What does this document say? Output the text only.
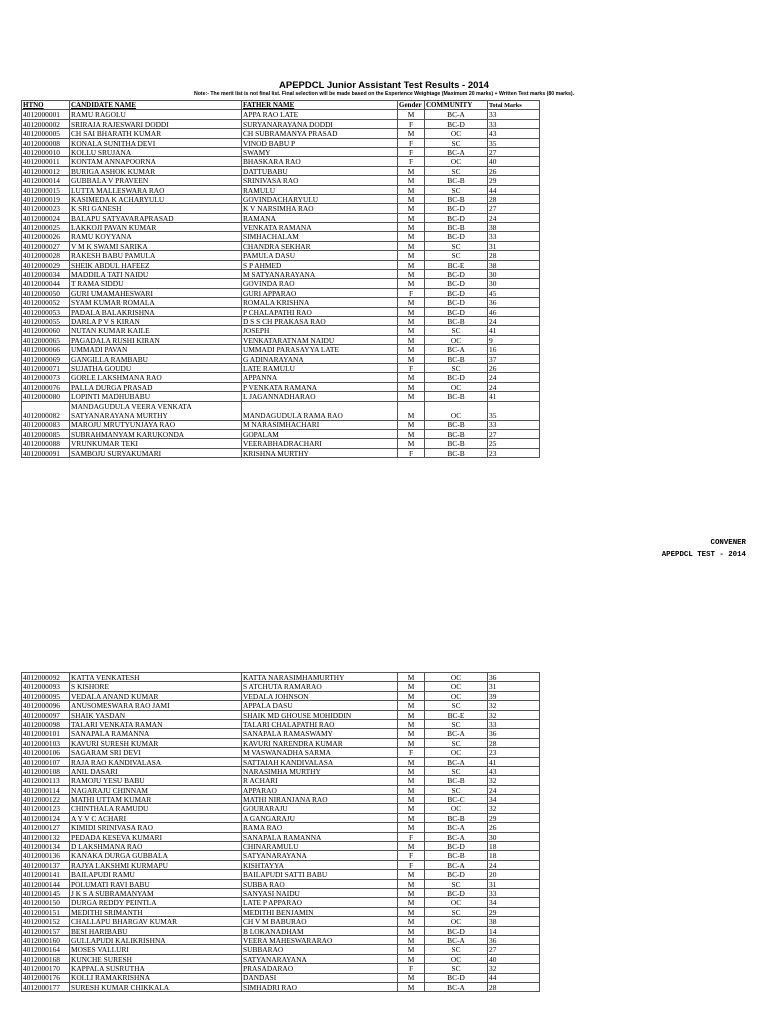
APEPDCL Junior Assistant Test Results - 2014
Note:- The merit list is not final list. Final selection will be made based on the Experience Weightage (Maximum 20 marks) + Written Test marks (80 marks).
HTNO	CANDIDATE NAME	FATHER NAME	Gender	COMMUNITY	Total Marks
4012000001	RAMU RAGOLU	APPA RAO LATE	M	BC-A	33
4012000002	SRIRAJA RAJESWARI DODDI	SURYANARAYANA DODDI	F	BC-D	33
4012000005	CH SAI BHARATH KUMAR	CH SUBRAMANYA PRASAD	M	OC	43
4012000008	KONALA SUNITHA DEVI	VINOD BABU P	F	SC	35
4012000010	KOLLU SRUJANA	SWAMY	F	BC-A	27
4012000011	KONTAM ANNAPOORNA	BHASKARA RAO	F	OC	40
4012000012	BURIGA ASHOK KUMAR	DATTUBABU	M	SC	26
4012000014	GUBBALA V PRAVEEN	SRINIVASA RAO	M	BC-B	29
4012000015	LUTTA MALLESWARA RAO	RAMULU	M	SC	44
4012000019	KASIMEDA K ACHARYULU	GOVINDACHARYULU	M	BC-B	28
4012000023	K SRI GANESH	K V NARSIMHA RAO	M	BC-D	27
4012000024	BALAPU SATYAVARAPRASAD	RAMANA	M	BC-D	24
4012000025	LAKKOJI PAVAN KUMAR	VENKATA RAMANA	M	BC-B	38
4012000026	RAMU KOYYANA	SIMHACHALAM	M	BC-D	33
4012000027	V M K SWAMI SARIKA	CHANDRA SEKHAR	M	SC	31
4012000028	RAKESH BABU PAMULA	PAMULA DASU	M	SC	28
4012000029	SHEIK ABDUL HAFEEZ	S P AHMED	M	BC-E	38
4012000034	MADDILA TATI NAIDU	M SATYANARAYANA	M	BC-D	30
4012000044	T RAMA SIDDU	GOVINDA RAO	M	BC-D	30
4012000050	GURI UMAMAHESWARI	GURI APPARAO	F	BC-D	45
4012000052	SYAM KUMAR ROMALA	ROMALA KRISHNA	M	BC-D	36
4012000053	PADALA BALAKRISHNA	P CHALAPATHI RAO	M	BC-D	46
4012000055	DARLA P V S KIRAN	D S S CH PRAKASA RAO	M	BC-B	24
4012000060	NUTAN KUMAR KAILE	JOSEPH	M	SC	41
4012000065	PAGADALA RUSHI KIRAN	VENKATARATNAM NAIDU	M	OC	9
4012000066	UMMADI PAVAN	UMMADI PARASAYYA LATE	M	BC-A	16
4012000069	GANGILLA RAMBABU	G ADINARAYANA	M	BC-B	37
4012000071	SUJATHA GOUDU	LATE RAMULU	F	SC	26
4012000073	GORLE LAKSHMANA RAO	APPANNA	M	BC-D	24
4012000076	PALLA DURGA PRASAD	P VENKATA RAMANA	M	OC	24
4012000080	LOPINTI MADHUBABU	L JAGANNADHARAO	M	BC-B	41
4012000082	MANDAGUDULA VEERA VENKATA SATYANARAYANA MURTHY	MANDAGUDULA RAMA RAO	M	OC	35
4012000083	MAROJU MRUTYUNJAYA RAO	M NARASIMHACHARI	M	BC-B	33
4012000085	SUBRAHMANYAM KARUKONDA	GOPALAM	M	BC-B	27
4012000088	VRUNKUMAR TEKI	VEERABHADRACHARI	M	BC-B	25
4012000091	SAMBOJU SURYAKUMARI	KRISHNA MURTHY	F	BC-B	23
CONVENER
APEPDCL TEST - 2014
4012000092	KATTA VENKATESH	KATTA NARASIMHAMURTHY	M	OC	36
4012000093	S KISHORE	S ATCHUTA RAMARAO	M	OC	31
4012000095	VEDALA ANAND KUMAR	VEDALA JOHNSON	M	OC	39
4012000096	ANUSOMESWARA RAO JAMI	APPALA DASU	M	SC	32
4012000097	SHAIK YASDAN	SHAIK MD GHOUSE MOHIDDIN	M	BC-E	32
4012000098	TALARI VENKATA RAMAN	TALARI CHALAPATHI RAO	M	SC	33
4012000101	SANAPALA RAMANNA	SANAPALA RAMASWAMY	M	BC-A	36
4012000103	KAVURI SURESH KUMAR	KAVURI NARENDRA KUMAR	M	SC	28
4012000106	SAGARAM SRI DEVI	M VASWANADHA SARMA	F	OC	23
4012000107	RAJA RAO KANDIVALASA	SATTAIAH KANDIVALASA	M	BC-A	41
4012000108	ANIL DASARI	NARASIMHA MURTHY	M	SC	43
4012000113	RAMOJU YESU BABU	R ACHARI	M	BC-B	32
4012000114	NAGARAJU CHINNAM	APPARAO	M	SC	24
4012000122	MATHI UTTAM KUMAR	MATHI NIRANJANA RAO	M	BC-C	34
4012000123	CHINTHALA RAMUDU	GOURARAJU	M	OC	32
4012000124	A Y V C ACHARI	A GANGARAJU	M	BC-B	29
4012000127	KIMIDI SRINIVASA RAO	RAMA RAO	M	BC-A	26
4012000132	PEDADA KESEVA KUMARI	SANAPALA RAMANNA	F	BC-A	30
4012000134	D LAKSHMANA RAO	CHINARAMULU	M	BC-D	18
4012000136	KANAKA DURGA GUBBALA	SATYANARAYANA	F	BC-B	18
4012000137	RAJYA LAKSHMI KURMAPU	KISHTAYYA	F	BC-A	24
4012000141	BAILAPUDI RAMU	BAILAPUDI SATTI BABU	M	BC-D	20
4012000144	POLUMATI RAVI BABU	SUBBA RAO	M	SC	31
4012000145	J K S A SUBRAMANYAM	SANYASI NAIDU	M	BC-D	33
4012000150	DURGA REDDY PEINTLA	LATE P APPARAO	M	OC	34
4012000151	MEDITHI SRIMANTH	MEDITHI BENJAMIN	M	SC	29
4012000152	CHALLAPU BHARGAV KUMAR	CH V M BABURAO	M	OC	38
4012000157	BESI HARIBABU	B LOKANADHAM	M	BC-D	14
4012000160	GULLAPUDI KALIKRISHNA	VEERA MAHESWARARAO	M	BC-A	36
4012000164	MOSES VALLURI	SUBBARAO	M	SC	27
4012000168	KUNCHE SURESH	SATYANARAYANA	M	OC	40
4012000170	KAPPALA SUSRUTHA	PRASADARAO	F	SC	32
4012000176	KOLLI RAMAKRISHNA	DANDASI	M	BC-D	44
4012000177	SURESH KUMAR CHIKKALA	SIMHADRI RAO	M	BC-A	28
